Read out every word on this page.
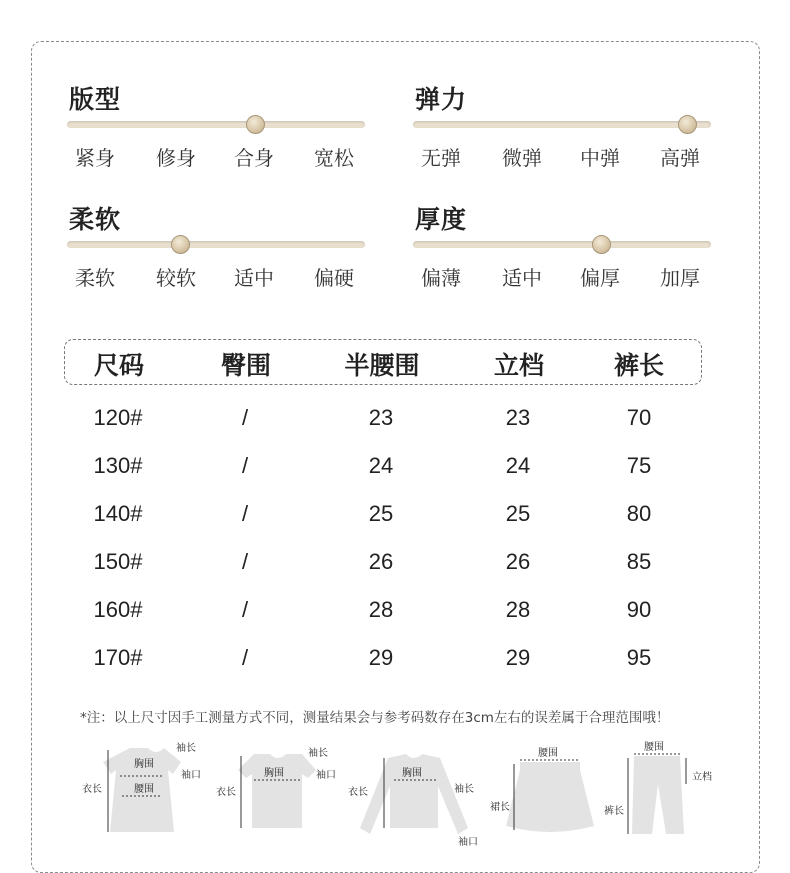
版型
紧身 修身 合身 宽松
弹力
无弹 微弹 中弹 高弹
柔软
柔软 较软 适中 偏硬
厚度
偏薄 适中 偏厚 加厚
尺码	臀围	半腰围	立档	裤长
120#	/	23	23	70
130#	/	24	24	75
140#	/	25	25	80
150#	/	26	26	85
160#	/	28	28	90
170#	/	29	29	95
*注：以上尺寸因手工测量方式不同，测量结果会与参考码数存在3cm左右的误差属于合理范围哦！
袖长
胸围
袖口
衣长	腰围
袖长
胸围	袖口
衣长
胸围
衣长	袖长
袖口
腰围
裙长
腰围
立档
裤长
